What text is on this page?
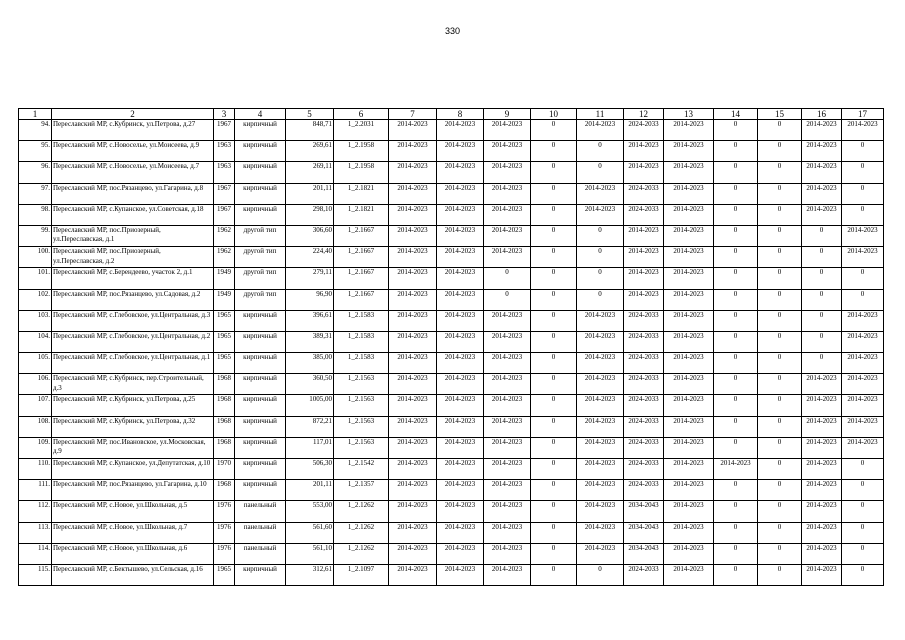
330
1	2	3	4	5	6	7	8	9	10	11	12	13	14	15	16	17
94.	Переславский МР, с.Кубринск, ул.Петрова, д.27	1967	кирпичный	848,71	1_2.2031	2014-2023	2014-2023	2014-2023	0	2014-2023	2024-2033	2014-2023	0	0	2014-2023	2014-2023
95.	Переславский МР, с.Новоселье, ул.Моисеева, д.9	1963	кирпичный	269,61	1_2.1958	2014-2023	2014-2023	2014-2023	0	0	2014-2023	2014-2023	0	0	2014-2023	0
96.	Переславский МР, с.Новоселье, ул.Моисеева, д.7	1963	кирпичный	269,11	1_2.1958	2014-2023	2014-2023	2014-2023	0	0	2014-2023	2014-2023	0	0	2014-2023	0
97.	Переславский МР, пос.Рязанцево, ул.Гагарина, д.8	1967	кирпичный	201,11	1_2.1821	2014-2023	2014-2023	2014-2023	0	2014-2023	2024-2033	2014-2023	0	0	2014-2023	0
98.	Переславский МР, с.Купанское, ул.Советская, д.18	1967	кирпичный	298,10	1_2.1821	2014-2023	2014-2023	2014-2023	0	2014-2023	2024-2033	2014-2023	0	0	2014-2023	0
99.	Переславский МР, пос.Приозерный, ул.Переславская, д.1	1962	другой тип	306,60	1_2.1667	2014-2023	2014-2023	2014-2023	0	0	2014-2023	2014-2023	0	0	0	2014-2023
100.	Переславский МР, пос.Приозерный, ул.Переславская, д.2	1962	другой тип	224,40	1_2.1667	2014-2023	2014-2023	2014-2023	0	0	2014-2023	2014-2023	0	0	0	2014-2023
101.	Переславский МР, с.Берендеево, участок 2, д.1	1949	другой тип	279,11	1_2.1667	2014-2023	2014-2023	0	0	0	2014-2023	2014-2023	0	0	0	0
102.	Переславский МР, пос.Рязанцево, ул.Садовая, д.2	1949	другой тип	96,90	1_2.1667	2014-2023	2014-2023	0	0	0	2014-2023	2014-2023	0	0	0	0
103.	Переславский МР, с.Глебовское, ул.Центральная, д.3	1965	кирпичный	396,61	1_2.1583	2014-2023	2014-2023	2014-2023	0	2014-2023	2024-2033	2014-2023	0	0	0	2014-2023
104.	Переславский МР, с.Глебовское, ул.Центральная, д.2	1965	кирпичный	389,31	1_2.1583	2014-2023	2014-2023	2014-2023	0	2014-2023	2024-2033	2014-2023	0	0	0	2014-2023
105.	Переславский МР, с.Глебовское, ул.Центральная, д.1	1965	кирпичный	385,00	1_2.1583	2014-2023	2014-2023	2014-2023	0	2014-2023	2024-2033	2014-2023	0	0	0	2014-2023
106.	Переславский МР, с.Кубринск, пер.Строительный, д.3	1968	кирпичный	360,50	1_2.1563	2014-2023	2014-2023	2014-2023	0	2014-2023	2024-2033	2014-2023	0	0	2014-2023	2014-2023
107.	Переславский МР, с.Кубринск, ул.Петрова, д.25	1968	кирпичный	1005,00	1_2.1563	2014-2023	2014-2023	2014-2023	0	2014-2023	2024-2033	2014-2023	0	0	2014-2023	2014-2023
108.	Переславский МР, с.Кубринск, ул.Петрова, д.32	1968	кирпичный	872,21	1_2.1563	2014-2023	2014-2023	2014-2023	0	2014-2023	2024-2033	2014-2023	0	0	2014-2023	2014-2023
109.	Переславский МР, пос.Ивановское, ул.Московская, д.9	1968	кирпичный	117,01	1_2.1563	2014-2023	2014-2023	2014-2023	0	2014-2023	2024-2033	2014-2023	0	0	2014-2023	2014-2023
110.	Переславский МР, с.Купанское, ул.Депутатская, д.10	1970	кирпичный	506,30	1_2.1542	2014-2023	2014-2023	2014-2023	0	2014-2023	2024-2033	2014-2023	2014-2023	0	2014-2023	0
111.	Переславский МР, пос.Рязанцево, ул.Гагарина, д.10	1968	кирпичный	201,11	1_2.1357	2014-2023	2014-2023	2014-2023	0	2014-2023	2024-2033	2014-2023	0	0	2014-2023	0
112.	Переславский МР, с.Новое, ул.Школьная, д.5	1976	панельный	553,00	1_2.1262	2014-2023	2014-2023	2014-2023	0	2014-2023	2034-2043	2014-2023	0	0	2014-2023	0
113.	Переславский МР, с.Новое, ул.Школьная, д.7	1976	панельный	561,60	1_2.1262	2014-2023	2014-2023	2014-2023	0	2014-2023	2034-2043	2014-2023	0	0	2014-2023	0
114.	Переславский МР, с.Новое, ул.Школьная, д.6	1976	панельный	561,10	1_2.1262	2014-2023	2014-2023	2014-2023	0	2014-2023	2034-2043	2014-2023	0	0	2014-2023	0
115.	Переславский МР, с.Бектышево, ул.Сельская, д.16	1965	кирпичный	312,61	1_2.1097	2014-2023	2014-2023	2014-2023	0	0	2024-2033	2014-2023	0	0	2014-2023	0
